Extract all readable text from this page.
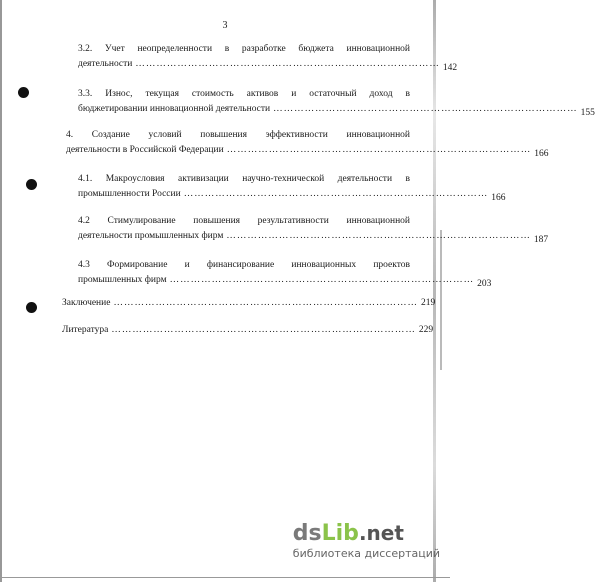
3
3.2. Учет неопределенности в разработке бюджета инновационной
деятельности …………………………………………………………………………… 142
3.3. Износ, текущая стоимость активов и остаточный доход в
бюджетировании инновационной деятельности …………………………………………………………………………… 155
4. Создание условий повышения эффективности инновационной
деятельности в Российской Федерации …………………………………………………………………………… 166
4.1. Макроусловия активизации научно-технической деятельности в
промышленности России …………………………………………………………………………… 166
4.2 Стимулирование повышения результативности инновационной
деятельности промышленных фирм …………………………………………………………………………… 187
4.3 Формирование и финансирование инновационных проектов
промышленных фирм …………………………………………………………………………… 203
Заключение …………………………………………………………………………… 219
Литература …………………………………………………………………………… 229
ds Lib .net
библиотека диссертаций
